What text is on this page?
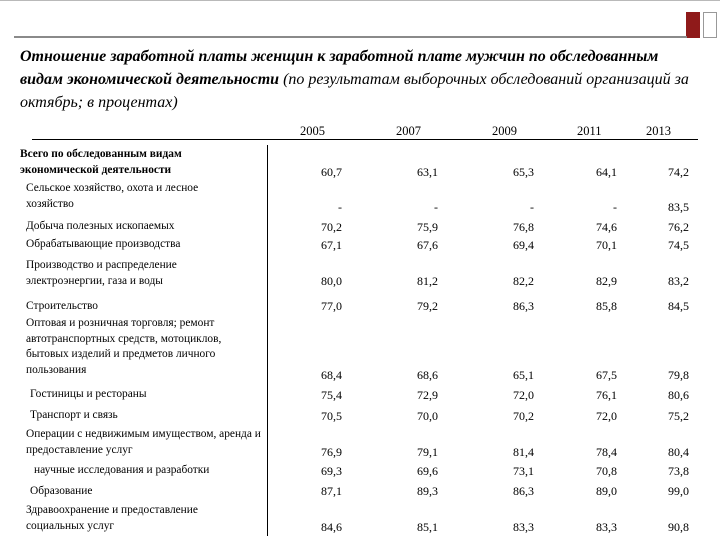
Отношение заработной платы женщин к заработной плате мужчин по обследованным видам экономической деятельности (по результатам выборочных обследований организаций за октябрь; в процентах)
2005	2007	2009	2011	2013
Всего по обследованным видам экономической деятельности	60,7	63,1	65,3	64,1	74,2
Сельское хозяйство, охота и лесное хозяйство	-	-	-	-	83,5
Добыча полезных ископаемых	70,2	75,9	76,8	74,6	76,2
Обрабатывающие производства	67,1	67,6	69,4	70,1	74,5
Производство и распределение электроэнергии, газа и воды	80,0	81,2	82,2	82,9	83,2
Строительство	77,0	79,2	86,3	85,8	84,5
Оптовая и розничная торговля; ремонт автотранспортных средств, мотоциклов, бытовых изделий и предметов личного пользования	68,4	68,6	65,1	67,5	79,8
Гостиницы и рестораны	75,4	72,9	72,0	76,1	80,6
Транспорт и связь	70,5	70,0	70,2	72,0	75,2
Операции с недвижимым имуществом, аренда и предоставление услуг	76,9	79,1	81,4	78,4	80,4
научные исследования и разработки	69,3	69,6	73,1	70,8	73,8
Образование	87,1	89,3	86,3	89,0	99,0
Здравоохранение и предоставление социальных услуг	84,6	85,1	83,3	83,3	90,8
